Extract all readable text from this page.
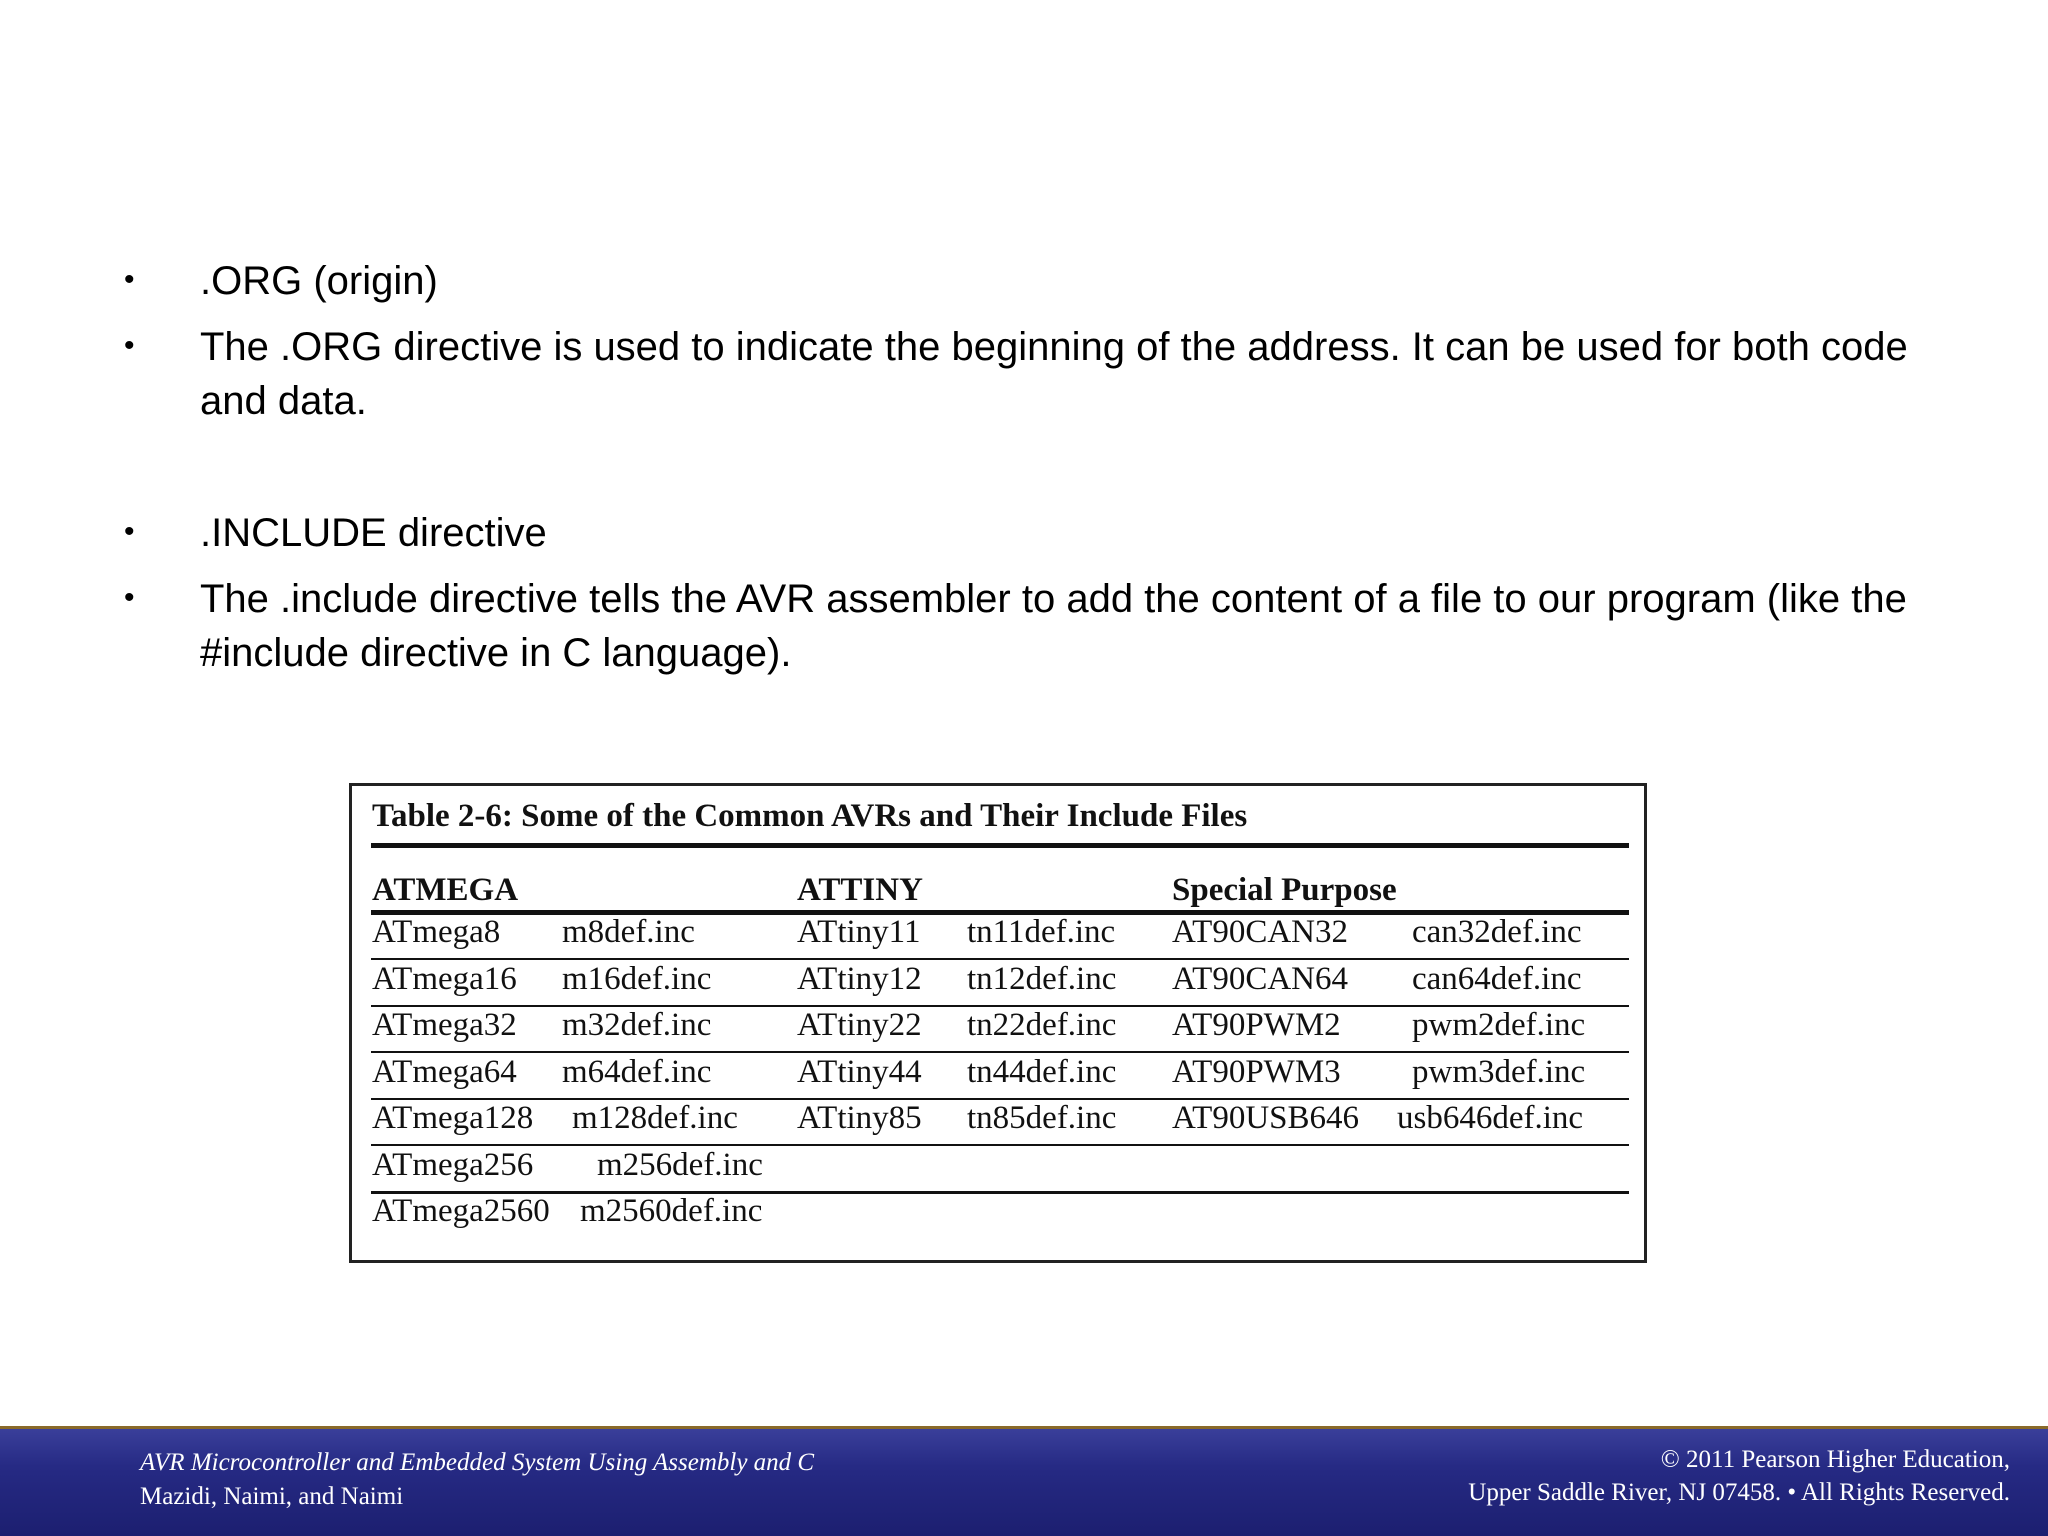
• .ORG (origin)
• The .ORG directive is used to indicate the beginning of the address. It can be used for both code and data.
• .INCLUDE directive
• The .include directive tells the AVR assembler to add the content of a file to our program (like the #include directive in C language).
Table 2-6: Some of the Common AVRs and Their Include Files
ATMEGA	ATTINY	Special Purpose
ATmega8 m8def.inc	ATtiny11 tn11def.inc AT90CAN32 can32def.inc
ATmega16 m16def.inc	ATtiny12 tn12def.inc AT90CAN64 can64def.inc
ATmega32 m32def.inc	ATtiny22 tn22def.inc AT90PWM2 pwm2def.inc
ATmega64 m64def.inc	ATtiny44 tn44def.inc AT90PWM3 pwm3def.inc
ATmega128 m128def.inc ATtiny85 tn85def.inc AT90USB646 usb646def.inc
ATmega256 m256def.inc
ATmega2560 m2560def.inc
AVR Microcontroller and Embedded System Using Assembly and C
Mazidi, Naimi, and Naimi
© 2011 Pearson Higher Education,
Upper Saddle River, NJ 07458. • All Rights Reserved.
